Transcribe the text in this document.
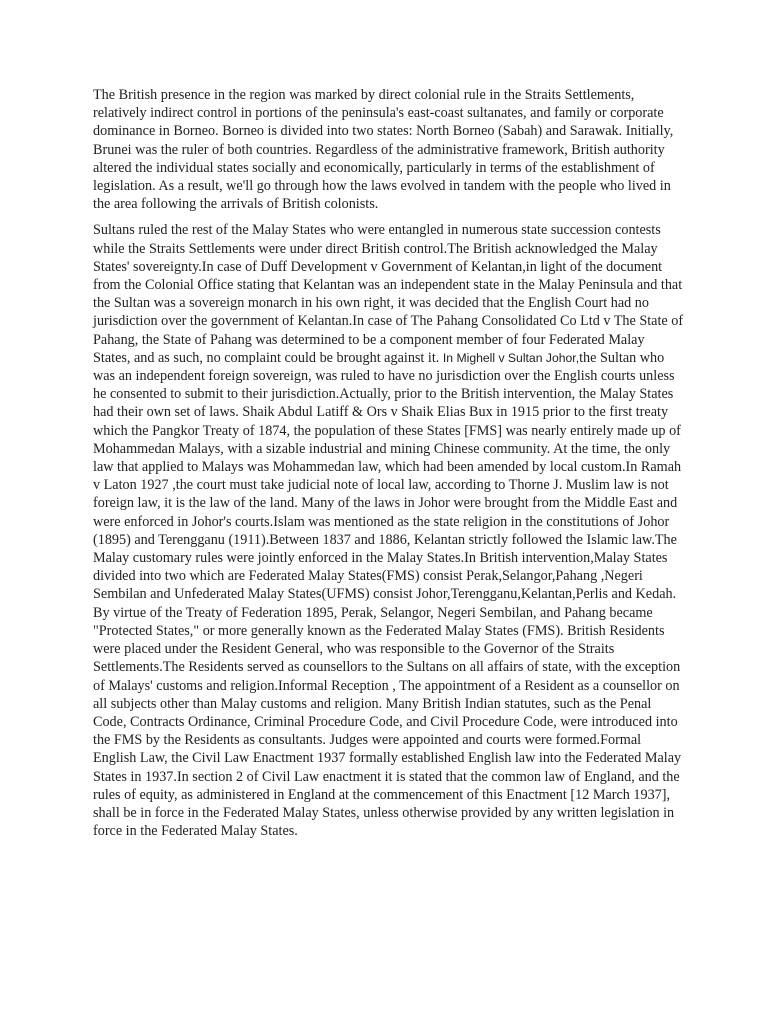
The British presence in the region was marked by direct colonial rule in the Straits Settlements, relatively indirect control in portions of the peninsula's east-coast sultanates, and family or corporate dominance in Borneo. Borneo is divided into two states: North Borneo (Sabah) and Sarawak. Initially, Brunei was the ruler of both countries. Regardless of the administrative framework, British authority altered the individual states socially and economically, particularly in terms of the establishment of legislation. As a result, we'll go through how the laws evolved in tandem with the people who lived in the area following the arrivals of British colonists.

Sultans ruled the rest of the Malay States who were entangled in numerous state succession contests while the Straits Settlements were under direct British control.The British acknowledged the Malay States' sovereignty.In case of Duff Development v Government of Kelantan,in light of the document from the Colonial Office stating that Kelantan was an independent state in the Malay Peninsula and that the Sultan was a sovereign monarch in his own right, it was decided that the English Court had no jurisdiction over the government of Kelantan.In case of The Pahang Consolidated Co Ltd v The State of Pahang, the State of Pahang was determined to be a component member of four Federated Malay States, and as such, no complaint could be brought against it. In Mighell v Sultan Johor,the Sultan who was an independent foreign sovereign, was ruled to have no jurisdiction over the English courts unless he consented to submit to their jurisdiction.Actually, prior to the British intervention, the Malay States had their own set of laws. Shaik Abdul Latiff & Ors v Shaik Elias Bux in 1915 prior to the first treaty which the Pangkor Treaty of 1874, the population of these States [FMS] was nearly entirely made up of Mohammedan Malays, with a sizable industrial and mining Chinese community. At the time, the only law that applied to Malays was Mohammedan law, which had been amended by local custom.In Ramah v Laton 1927 ,the court must take judicial note of local law, according to Thorne J. Muslim law is not foreign law, it is the law of the land. Many of the laws in Johor were brought from the Middle East and were enforced in Johor's courts.Islam was mentioned as the state religion in the constitutions of Johor (1895) and Terengganu (1911).Between 1837 and 1886, Kelantan strictly followed the Islamic law.The Malay customary rules were jointly enforced in the Malay States.In British intervention,Malay States divided into two which are Federated Malay States(FMS) consist Perak,Selangor,Pahang ,Negeri Sembilan and Unfederated Malay States(UFMS) consist Johor,Terengganu,Kelantan,Perlis and Kedah. By virtue of the Treaty of Federation 1895, Perak, Selangor, Negeri Sembilan, and Pahang became "Protected States," or more generally known as the Federated Malay States (FMS). British Residents were placed under the Resident General, who was responsible to the Governor of the Straits Settlements.The Residents served as counsellors to the Sultans on all affairs of state, with the exception of Malays' customs and religion.Informal Reception , The appointment of a Resident as a counsellor on all subjects other than Malay customs and religion. Many British Indian statutes, such as the Penal Code, Contracts Ordinance, Criminal Procedure Code, and Civil Procedure Code, were introduced into the FMS by the Residents as consultants. Judges were appointed and courts were formed.Formal English Law, the Civil Law Enactment 1937 formally established English law into the Federated Malay States in 1937.In section 2 of Civil Law enactment it is stated that the common law of England, and the rules of equity, as administered in England at the commencement of this Enactment [12 March 1937], shall be in force in the Federated Malay States, unless otherwise provided by any written legislation in force in the Federated Malay States.
